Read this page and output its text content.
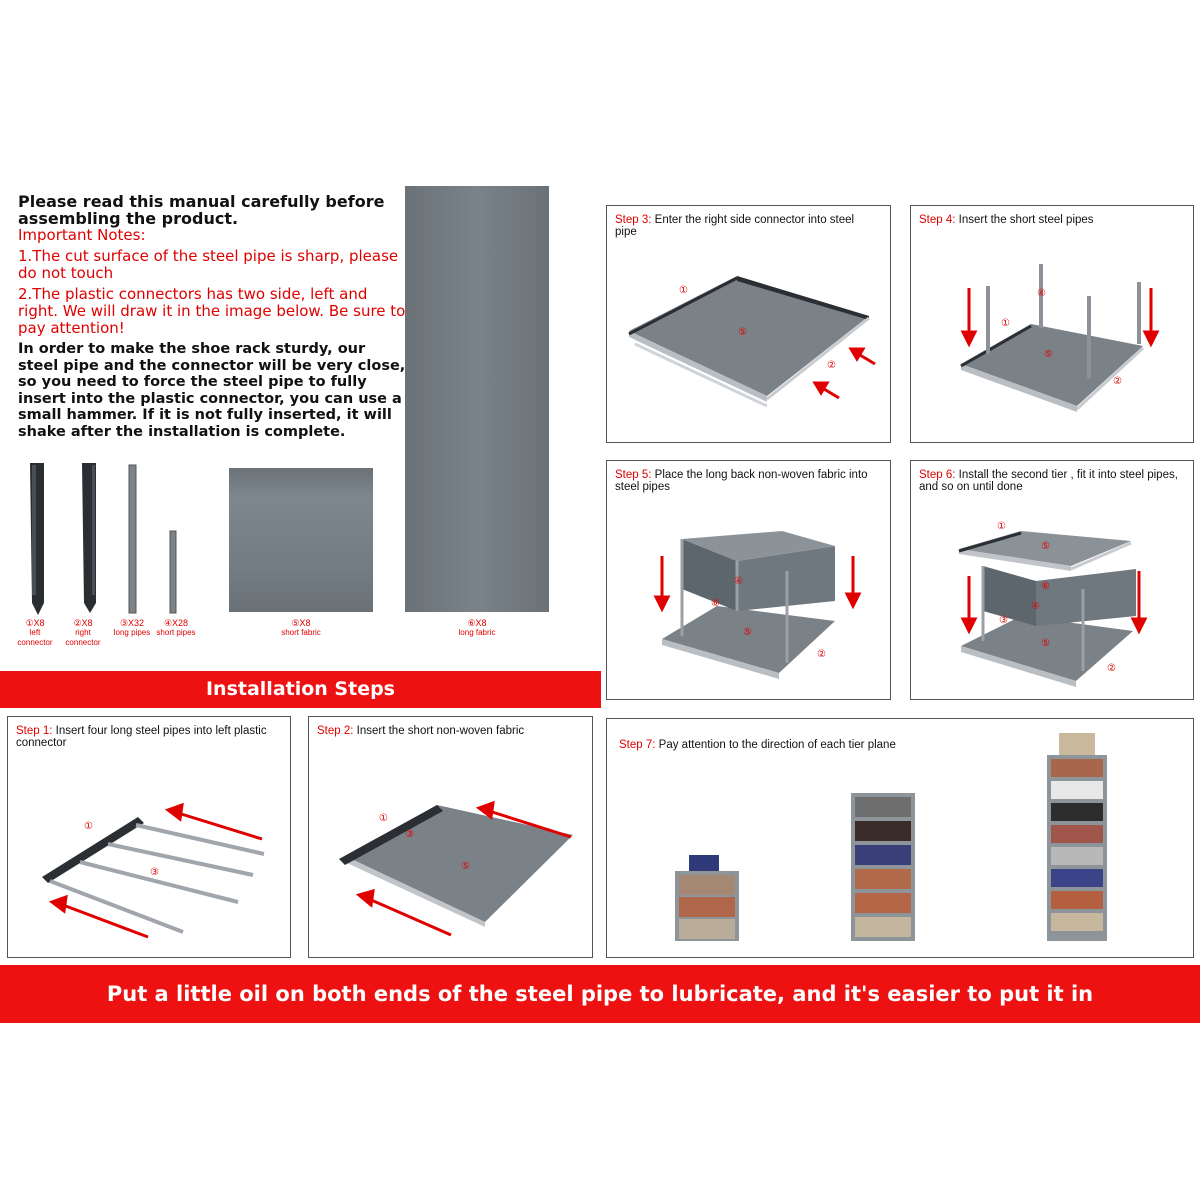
Please read this manual carefully before assembling the product.

Important Notes:

1.The cut surface of the steel pipe is sharp, please do not touch

2.The plastic connectors has two side, left and right. We will draw it in the image below. Be sure to pay attention!

In order to make the shoe rack sturdy, our steel pipe and the connector will be very close, so you need to force the steel pipe to fully insert into the plastic connector, you can use a small hammer. If it is not fully inserted, it will shake after the installation is complete.

①X8
left connector
②X8
right connector
③X32
long pipes
④X28
short pipes
⑤X8
short fabric
⑥X8
long fabric
Installation Steps
Step 3: Enter the right side connector into steel pipe
①
⑤
②
Step 4: Insert the short steel pipes
①
④
⑤
②
Step 5: Place the long back non-woven fabric into steel pipes
④
⑥
⑤
②
Step 6: Install the second tier , fit it into steel pipes, and so on until done
①
⑤
⑥
④
③
⑤
②
Step 1: Insert four long steel pipes into left plastic connector
①
③
Step 2: Insert the short non-woven fabric
①
③
⑤
Step 7: Pay attention to the direction of each tier plane
Put a little oil on both ends of the steel pipe to lubricate, and it's easier to put it in
